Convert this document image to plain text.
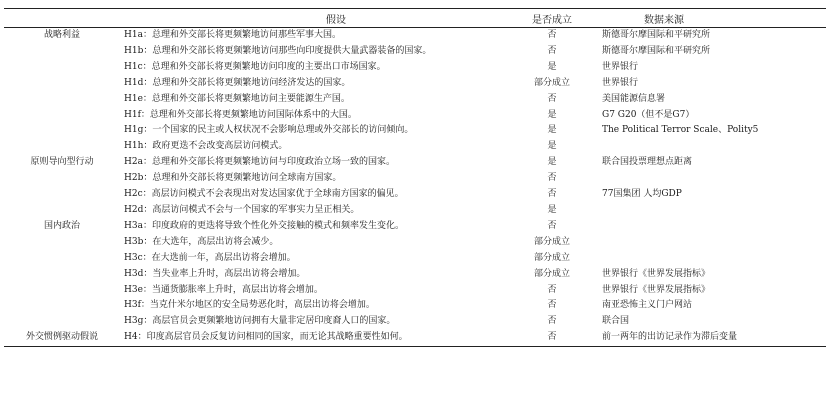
	假设	是否成立	数据来源
战略利益	H1a：总理和外交部长将更频繁地访问那些军事大国。	否	斯德哥尔摩国际和平研究所
	H1b：总理和外交部长将更频繁地访问那些向印度提供大量武器装备的国家。	否	斯德哥尔摩国际和平研究所
	H1c：总理和外交部长将更频繁地访问印度的主要出口市场国家。	是	世界银行
	H1d：总理和外交部长将更频繁地访问经济发达的国家。	部分成立	世界银行
	H1e：总理和外交部长将更频繁地访问主要能源生产国。	否	美国能源信息署
	H1f：总理和外交部长将更频繁地访问国际体系中的大国。	是	G7 G20（但不是G7）
	H1g：一个国家的民主或人权状况不会影响总理或外交部长的访问倾向。	是	The Political Terror Scale、Polity5
	H1h：政府更迭不会改变高层访问模式。	是	
原则导向型行动	H2a：总理和外交部长将更频繁地访问与印度政治立场一致的国家。	是	联合国投票理想点距离
	H2b：总理和外交部长将更频繁地访问全球南方国家。	否	
	H2c：高层访问模式不会表现出对发达国家优于全球南方国家的偏见。	否	77国集团 人均GDP
	H2d：高层访问模式不会与一个国家的军事实力呈正相关。	是	
国内政治	H3a：印度政府的更迭将导致个性化外交接触的模式和频率发生变化。	否	
	H3b：在大选年，高层出访将会减少。	部分成立	
	H3c：在大选前一年，高层出访将会增加。	部分成立	
	H3d：当失业率上升时，高层出访将会增加。	部分成立	世界银行《世界发展指标》
	H3e：当通货膨胀率上升时，高层出访将会增加。	否	世界银行《世界发展指标》
	H3f：当克什米尔地区的安全局势恶化时，高层出访将会增加。	否	南亚恐怖主义门户网站
	H3g：高层官员会更频繁地访问拥有大量非定居印度裔人口的国家。	否	联合国
外交惯例驱动假说	H4：印度高层官员会反复访问相同的国家，而无论其战略重要性如何。	否	前一两年的出访记录作为滞后变量
